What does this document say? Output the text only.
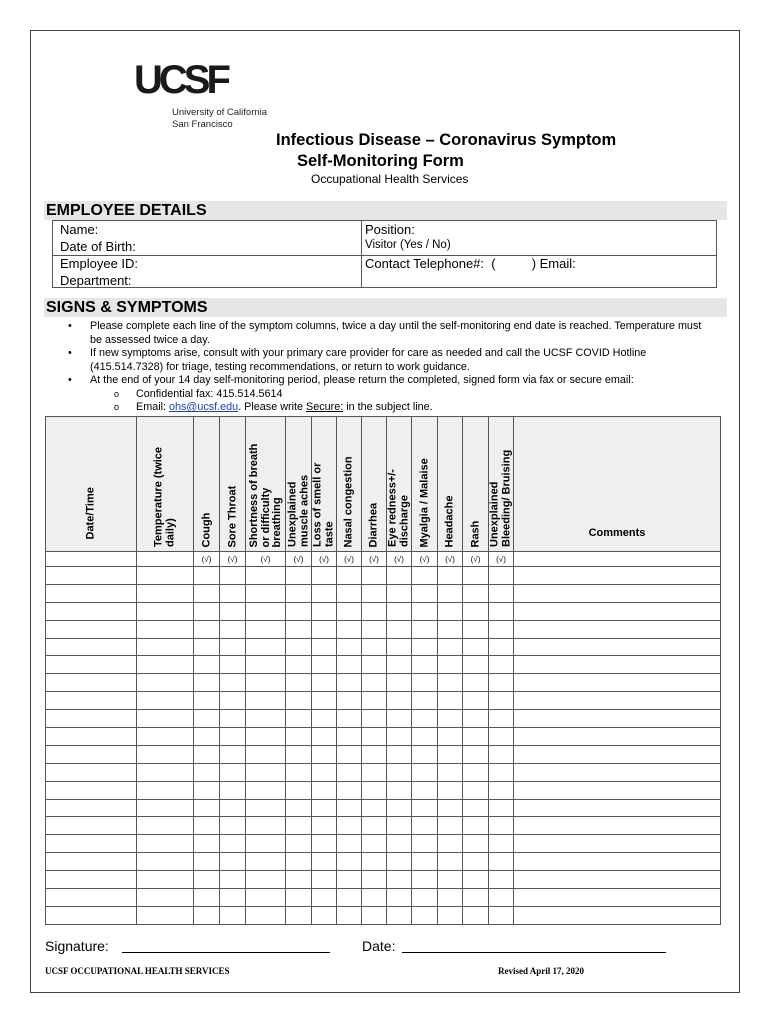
UCSF
University of California
San Francisco
Infectious Disease – Coronavirus Symptom
Self-Monitoring Form
Occupational Health Services
EMPLOYEE DETAILS
Name:
Date of Birth:
Position:
Visitor (Yes / No)
Employee ID:
Department:
Contact Telephone#:  (          ) Email:
SIGNS & SYMPTOMS
• Please complete each line of the symptom columns, twice a day until the self-monitoring end date is reached. Temperature must be assessed twice a day.
• If new symptoms arise, consult with your primary care provider for care as needed and call the UCSF COVID Hotline (415.514.7328) for triage, testing recommendations, or return to work guidance.
• At the end of your 14 day self-monitoring period, please return the completed, signed form via fax or secure email:
o Confidential fax: 415.514.5614
o Email: ohs@ucsf.edu. Please write Secure: in the subject line.
Date/Time	Temperature (twice
daily)	Cough	Sore Throat	Shortness of breath
or difficulty
breathing	Unexplained
muscle aches	Loss of smell or
taste	Nasal congestion	Diarrhea	Eye redness+/-
discharge	Myalgia / Malaise	Headache	Rash	Unexplained
Bleeding/ Bruising	Comments

		(√)	(√)	(√)	(√)	(√)	(√)	(√)	(√)	(√)	(√)	(√)	(√)	

Signature:	Date:
UCSF OCCUPATIONAL HEALTH SERVICES	Revised April 17, 2020
